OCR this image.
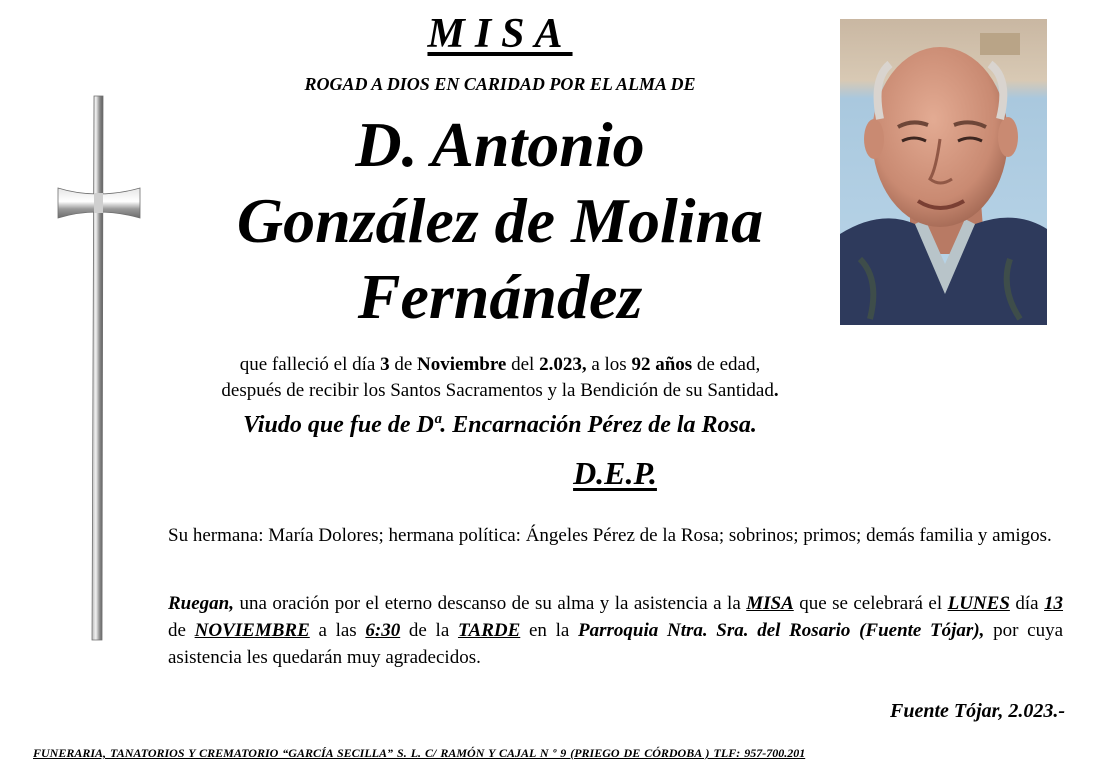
MISA
ROGAD A DIOS EN CARIDAD POR EL ALMA DE
D. Antonio
González de Molina
Fernández
que falleció el día 3 de Noviembre del 2.023, a los 92 años de edad,
después de recibir los Santos Sacramentos y la Bendición de su Santidad.
Viudo que fue de Dª. Encarnación Pérez de la Rosa.
D.E.P.
Su hermana: María Dolores; hermana política: Ángeles Pérez de la Rosa; sobrinos; primos; demás familia y amigos.
Ruegan, una oración por el eterno descanso de su alma y la asistencia a la MISA que se celebrará el LUNES día 13 de NOVIEMBRE a las 6:30 de la TARDE en la Parroquia Ntra. Sra. del Rosario (Fuente Tójar), por cuya asistencia les quedarán muy agradecidos.
Fuente Tójar, 2.023.-
FUNERARIA, TANATORIOS Y CREMATORIO “GARCÍA SECILLA” S. L. C/ RAMÓN Y CAJAL N º 9 (PRIEGO DE CÓRDOBA ) TLF: 957-700.201
